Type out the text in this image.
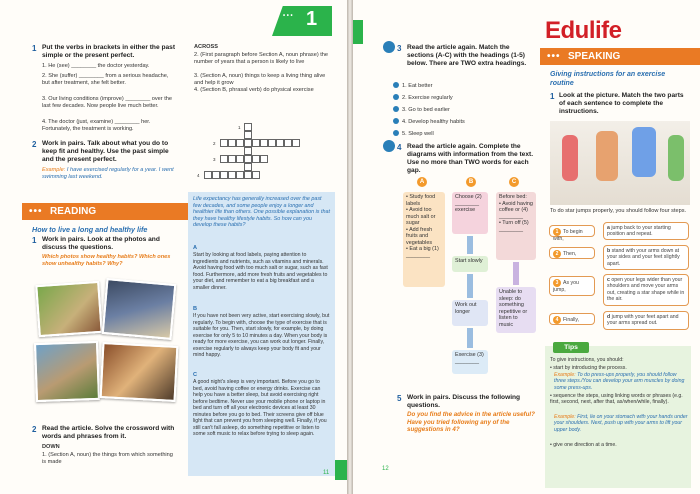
• • • 1
1 Put the verbs in brackets in either the past simple or the present perfect.
1. He (see) ________ the doctor yesterday.
2. She (suffer) ________ from a serious headache, but after treatment, she felt better.
3. Our living conditions (improve) ________ over the last few decades. Now people live much better.
4. The doctor (just, examine) ________ her. Fortunately, the treatment is working.
2 Work in pairs. Talk about what you do to keep fit and healthy. Use the past simple and the present perfect.
Example: I have exercised regularly for a year. I went swimming last weekend.
••• READING
How to live a long and healthy life
1 Work in pairs. Look at the photos and discuss the questions.
Which photos show healthy habits? Which ones show unhealthy habits? Why?
2 Read the article. Solve the crossword with words and phrases from it.
DOWN
1. (Section A, noun) the things from which something is made
ACROSS
2. (First paragraph before Section A, noun phrase) the number of years that a person is likely to live
3. (Section A, noun) things to keep a living thing alive and help it grow
4. (Section B, phrasal verb) do physical exercise
1
2
3
4
Life expectancy has generally increased over the past few decades, and some people enjoy a longer and healthier life than others. One possible explanation is that they have healthy lifestyle habits. So how can you develop these habits?
A
Start by looking at food labels, paying attention to ingredients and nutrients, such as vitamins and minerals. Avoid having food with too much salt or sugar, such as fast food. Furthermore, add more fresh fruits and vegetables to your diet, and remember to eat a big breakfast and a smaller dinner.
B
If you have not been very active, start exercising slowly, but regularly. To begin with, choose the type of exercise that is suitable for you. Then, start slowly, for example, by doing exercise for only 5 to 10 minutes a day. When your body is ready for more exercise, you can work out longer. Finally, exercise regularly to always keep your body fit and your mind happy.
C
A good night's sleep is very important. Before you go to bed, avoid having coffee or energy drinks. Exercise can help you have a better sleep, but avoid exercising right before bedtime. Never use your mobile phone or laptop in bed and turn off all your electronic devices at least 30 minutes before you go to bed. Their screens give off blue light that can prevent you from sleeping well. Finally, if you still can't fall asleep, do something repetitive or listen to some soft music to relax before trying to sleep again.
11
3 Read the article again. Match the sections (A-C) with the headings (1-5) below. There are TWO extra headings.
1. Eat better
2. Exercise regularly
3. Go to bed earlier
4. Develop healthy habits
5. Sleep well
4 Read the article again. Complete the diagrams with information from the text. Use no more than TWO words for each gap.
A	B	C
• Study food labels
• Avoid too much salt or sugar
• Add fresh fruits and vegetables
• Eat a big (1) ________
Choose (2) ________ exercise
Start slowly
Work out longer
Exercise (3) ________
Before bed:
• Avoid having coffee or (4) ________
• Turn off (5) ________
Unable to sleep: do something repetitive or listen to music
5 Work in pairs. Discuss the following questions.
Do you find the advice in the article useful? Have you tried following any of the suggestions in 4?
12
Edulife
••• SPEAKING
Giving instructions for an exercise routine
1 Look at the picture. Match the two parts of each sentence to complete the instructions.
To do star jumps properly, you should follow four steps.
1 To begin with,
2 Then,
3 As you jump,
4 Finally,
a jump back to your starting position and repeat.
b stand with your arms down at your sides and your feet slightly apart.
c open your legs wider than your shoulders and move your arms out, creating a star shape while in the air.
d jump with your feet apart and your arms spread out.
Tips
To give instructions, you should:
• start by introducing the process.
Example: To do press-ups properly, you should follow three steps./You can develop your arm muscles by doing some press-ups.
• sequence the steps, using linking words or phrases (e.g. first, second, next, after that, as/when/while, finally).
Example: First, lie on your stomach with your hands under your shoulders. Next, push up with your arms to lift your upper body.
• give one direction at a time.
